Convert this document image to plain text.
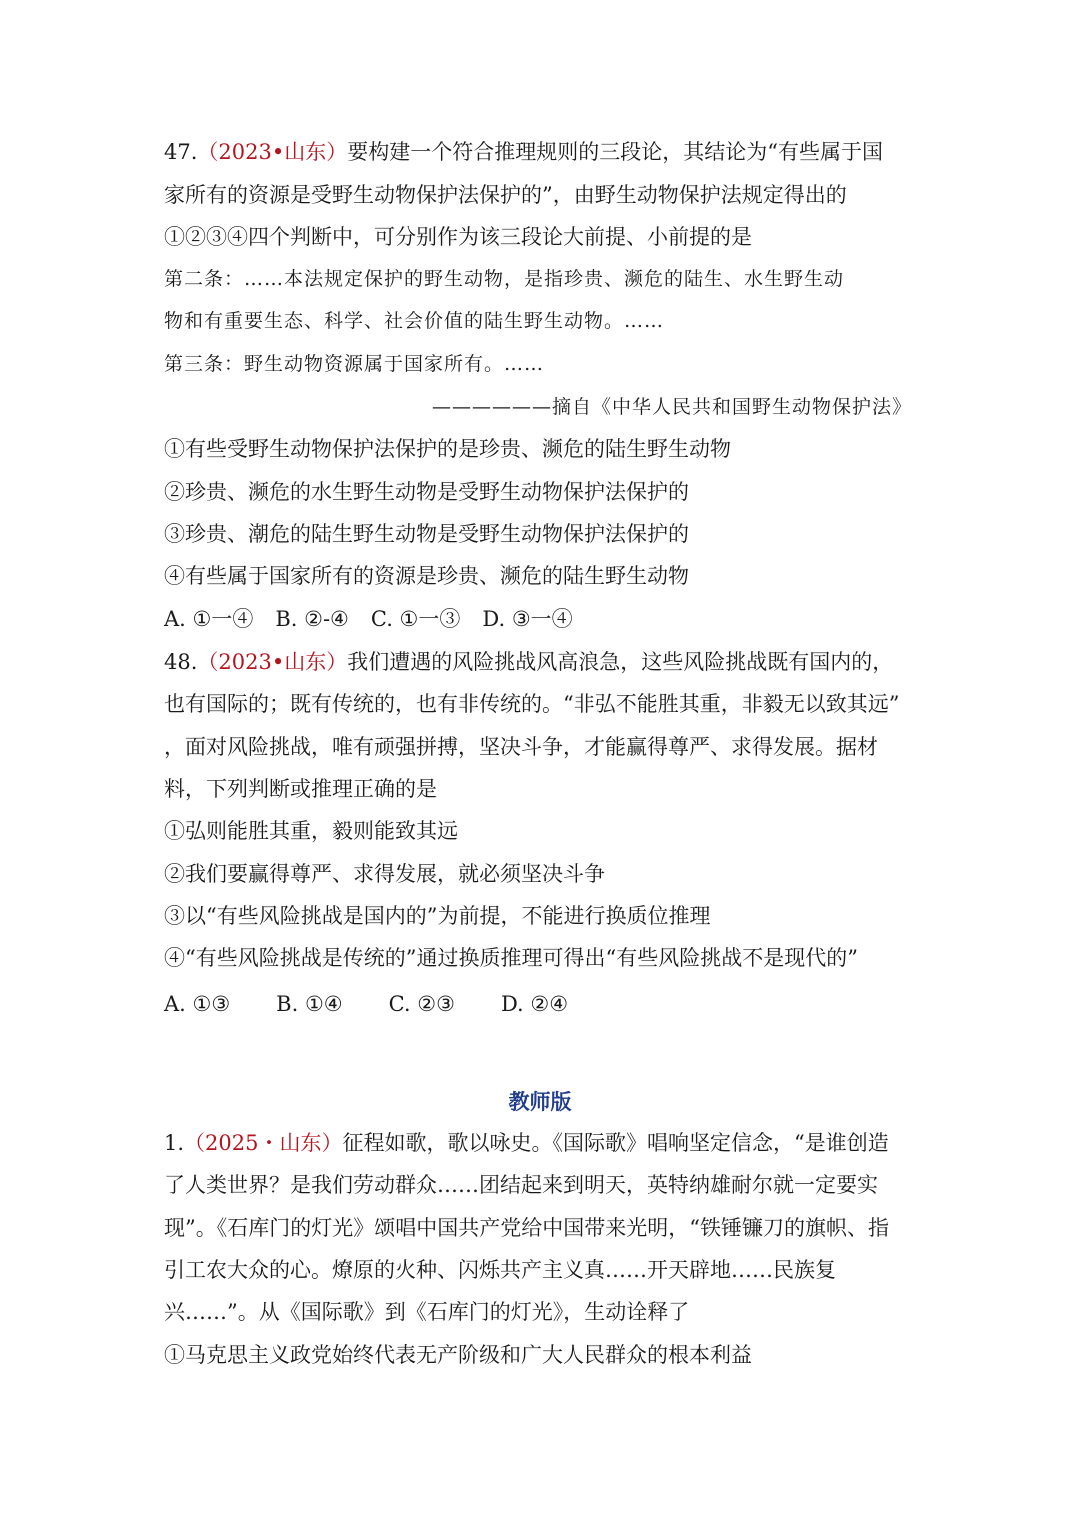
47.（2023•山东）要构建一个符合推理规则的三段论，其结论为“有些属于国
家所有的资源是受野生动物保护法保护的”，由野生动物保护法规定得出的
①②③④四个判断中，可分别作为该三段论大前提、小前提的是
第二条：……本法规定保护的野生动物，是指珍贵、濒危的陆生、水生野生动
物和有重要生态、科学、社会价值的陆生野生动物。……
第三条：野生动物资源属于国家所有。……
——————摘自《中华人民共和国野生动物保护法》
①有些受野生动物保护法保护的是珍贵、濒危的陆生野生动物
②珍贵、濒危的水生野生动物是受野生动物保护法保护的
③珍贵、潮危的陆生野生动物是受野生动物保护法保护的
④有些属于国家所有的资源是珍贵、濒危的陆生野生动物
A. ①一④ B. ②-④ C. ①一③ D. ③一④
48.（2023•山东）我们遭遇的风险挑战风高浪急，这些风险挑战既有国内的，
也有国际的；既有传统的，也有非传统的。“非弘不能胜其重，非毅无以致其远”
，面对风险挑战，唯有顽强拼搏，坚决斗争，才能赢得尊严、求得发展。据材
料，下列判断或推理正确的是
①弘则能胜其重，毅则能致其远
②我们要赢得尊严、求得发展，就必须坚决斗争
③以“有些风险挑战是国内的”为前提，不能进行换质位推理
④“有些风险挑战是传统的”通过换质推理可得出“有些风险挑战不是现代的”
A. ①③ B. ①④ C. ②③ D. ②④
教师版
1.（2025・山东）征程如歌，歌以咏史。《国际歌》唱响坚定信念，“是谁创造
了人类世界？是我们劳动群众……团结起来到明天，英特纳雄耐尔就一定要实
现”。《石库门的灯光》颂唱中国共产党给中国带来光明，“铁锤镰刀的旗帜、指
引工农大众的心。燎原的火种、闪烁共产主义真……开天辟地……民族复
兴……”。从《国际歌》到《石库门的灯光》，生动诠释了
①马克思主义政党始终代表无产阶级和广大人民群众的根本利益
